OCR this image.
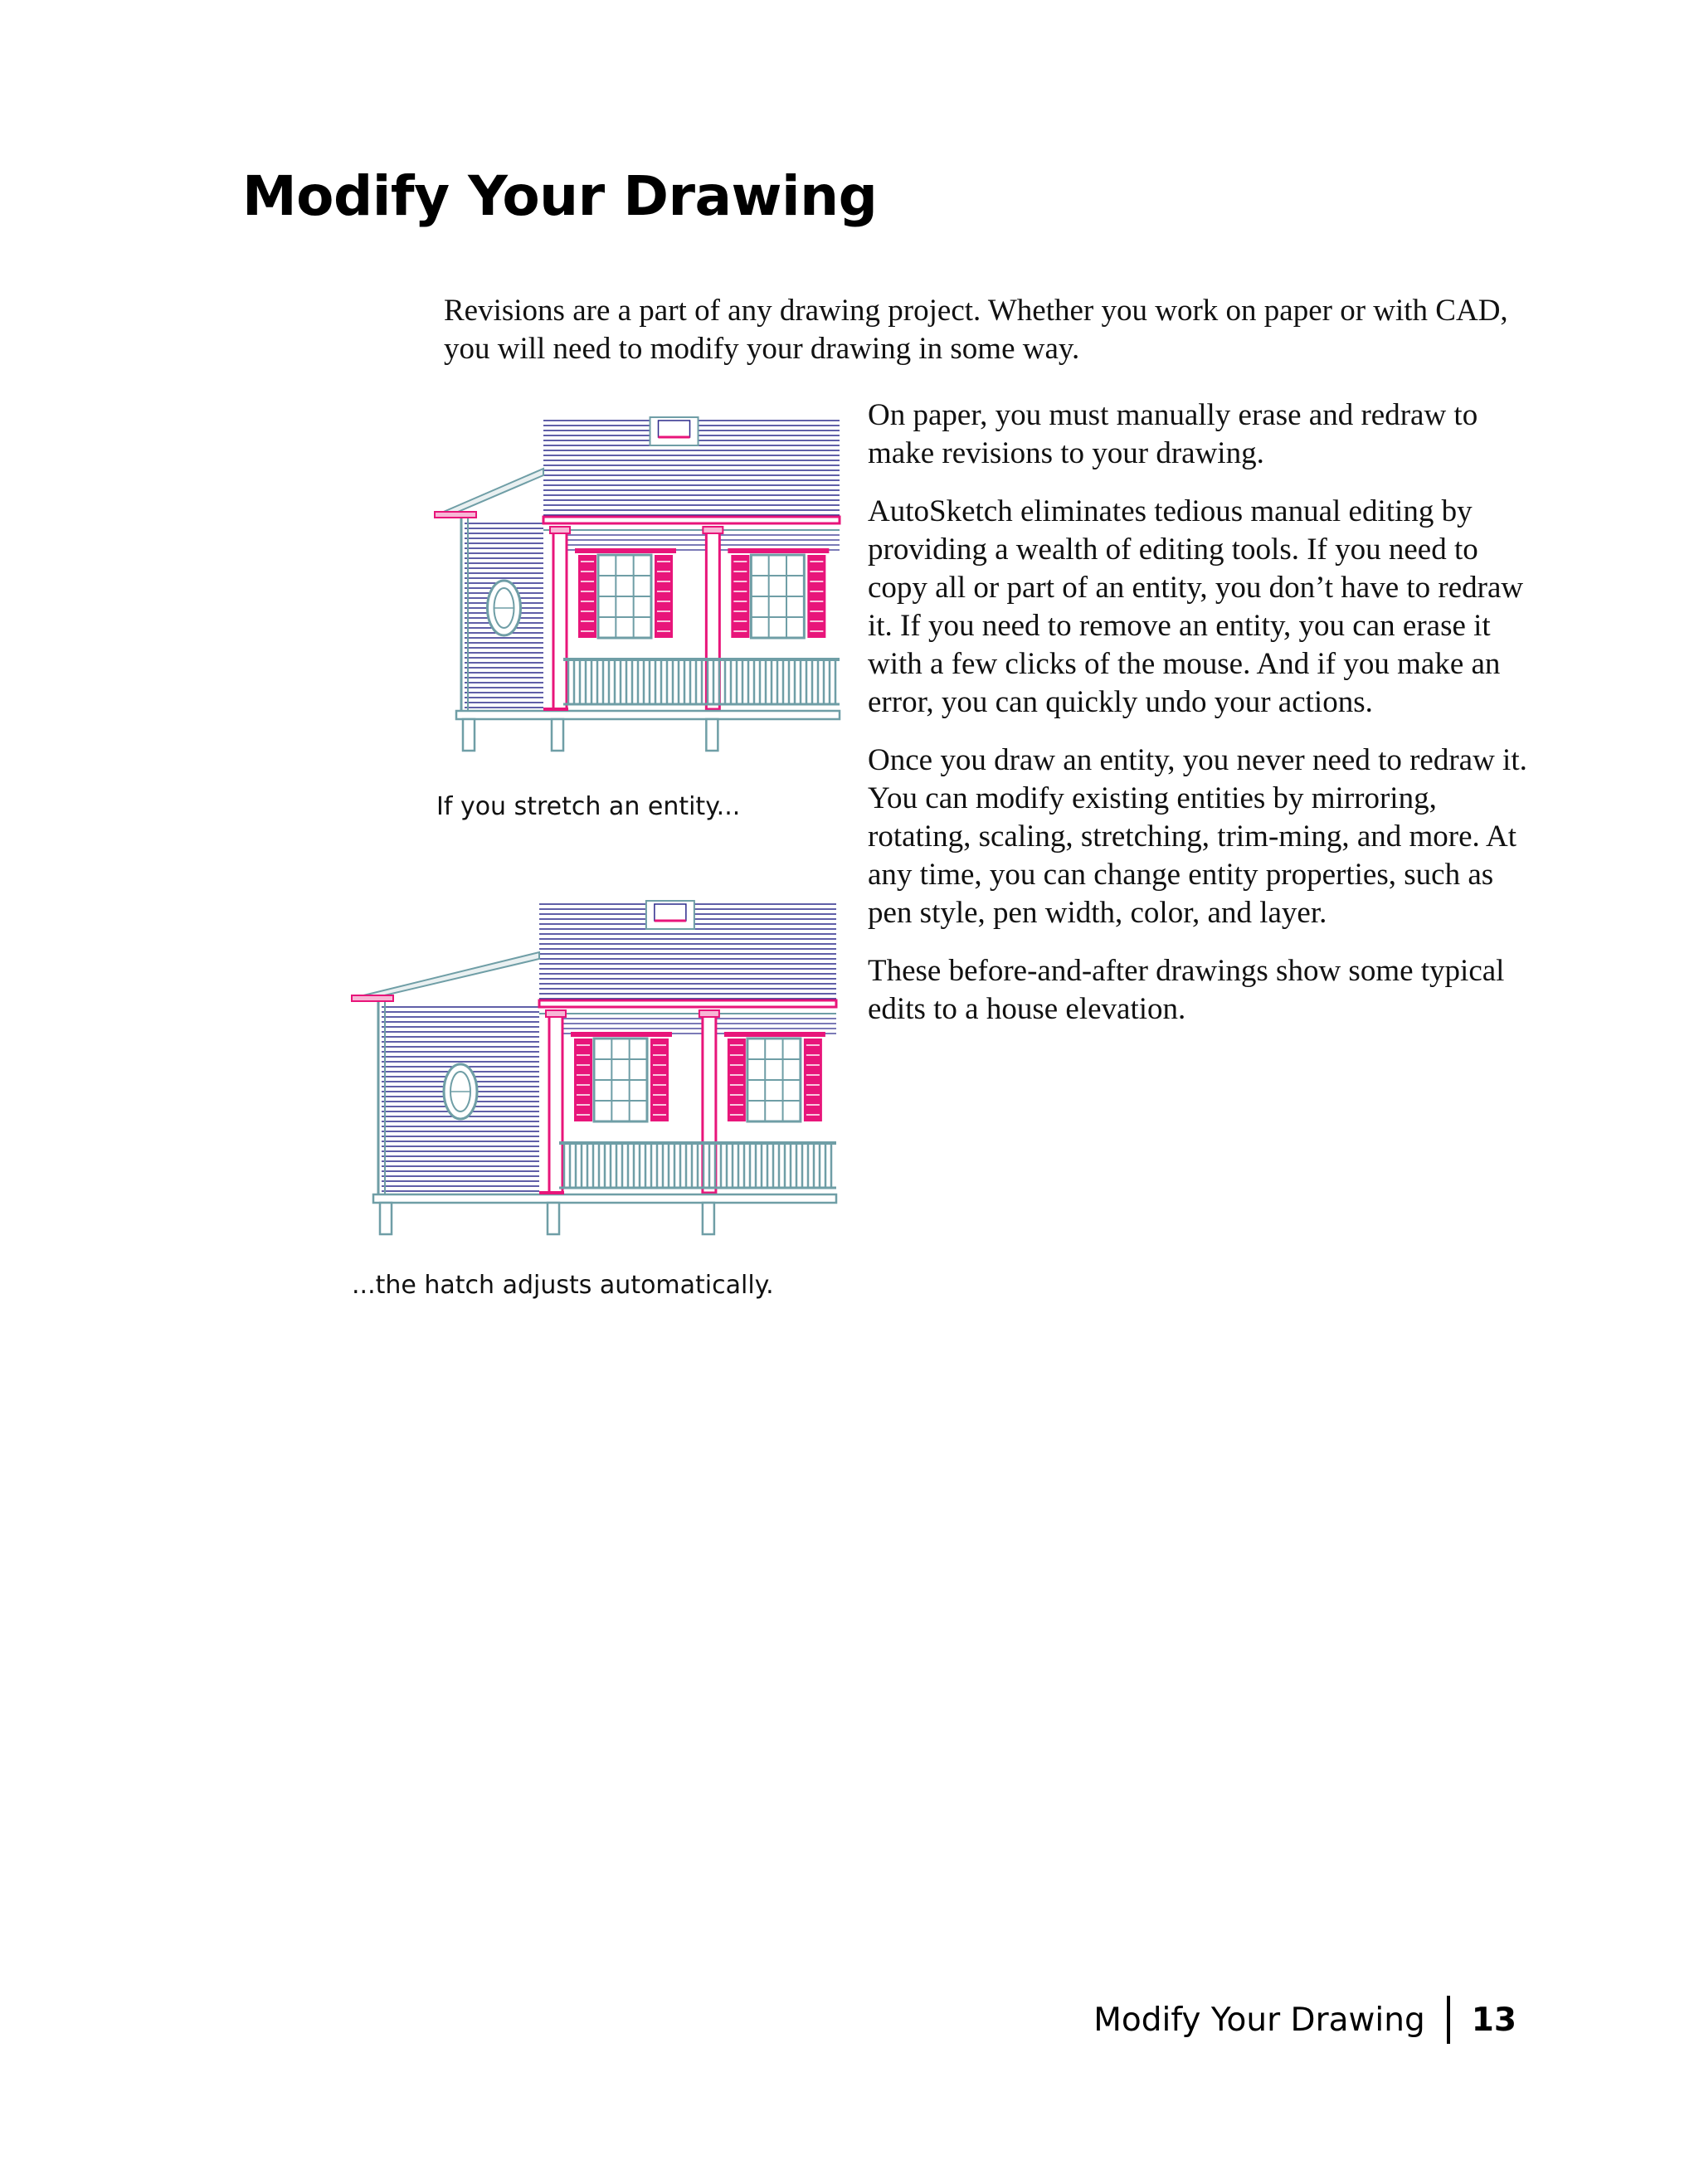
Modify Your Drawing

Revisions are a part of any drawing project. Whether you work on paper or with CAD, you will need to modify your drawing in some way.

On paper, you must manually erase and redraw to make revisions to your drawing.

AutoSketch eliminates tedious manual editing by providing a wealth of editing tools. If you need to copy all or part of an entity, you don’t have to redraw it. If you need to remove an entity, you can erase it with a few clicks of the mouse. And if you make an error, you can quickly undo your actions.

Once you draw an entity, you never need to redraw it. You can modify existing entities by mirroring, rotating, scaling, stretching, trim-ming, and more. At any time, you can change entity properties, such as pen style, pen width, color, and layer.

These before-and-after drawings show some typical edits to a house elevation.

If you stretch an entity...

...the hatch adjusts automatically.

Modify Your Drawing 13
